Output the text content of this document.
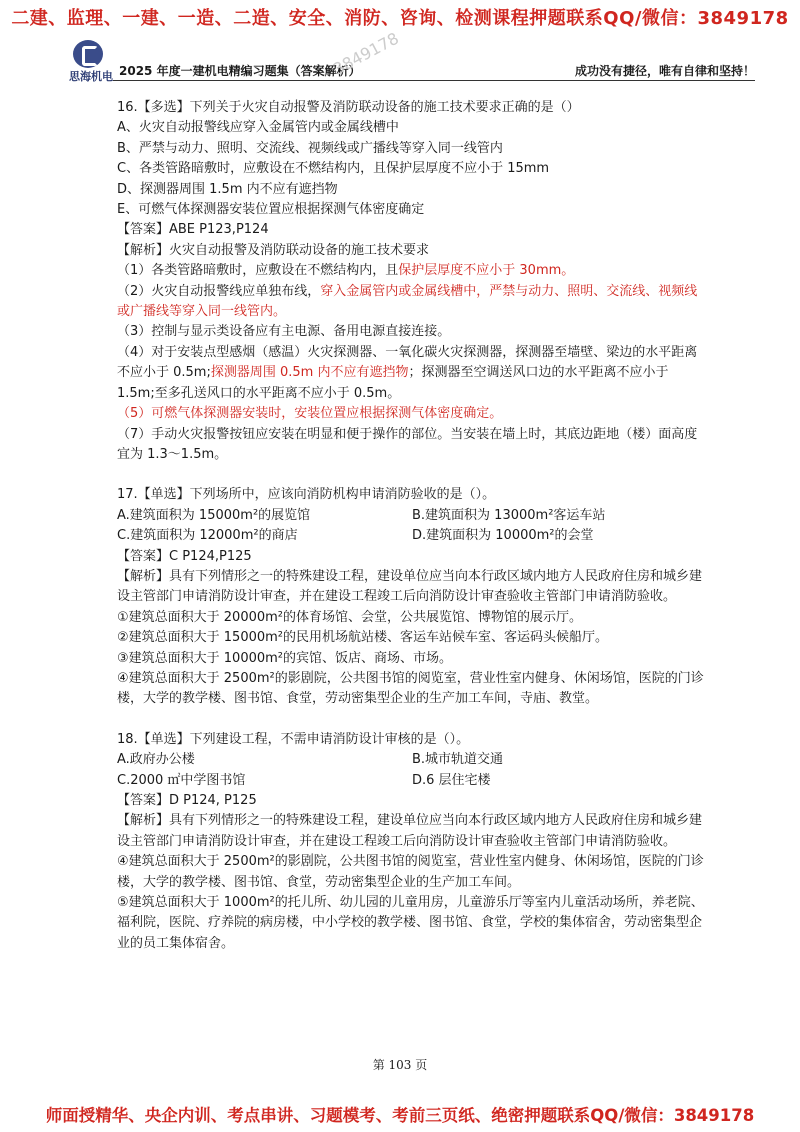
二建、监理、一建、一造、二造、安全、消防、咨询、检测课程押题联系QQ/微信：3849178
思海机电 2025 年度一建机电精编习题集（答案解析）	成功没有捷径，唯有自律和坚持！
3849178

16.【多选】下列关于火灾自动报警及消防联动设备的施工技术要求正确的是（）

A、火灾自动报警线应穿入金属管内或金属线槽中

B、严禁与动力、照明、交流线、视频线或广播线等穿入同一线管内

C、各类管路暗敷时，应敷设在不燃结构内，且保护层厚度不应小于 15mm

D、探测器周围 1.5m 内不应有遮挡物

E、可燃气体探测器安装位置应根据探测气体密度确定

【答案】ABE P123,P124

【解析】火灾自动报警及消防联动设备的施工技术要求

（1）各类管路暗敷时，应敷设在不燃结构内，且保护层厚度不应小于 30mm。

（2）火灾自动报警线应单独布线，穿入金属管内或金属线槽中，严禁与动力、照明、交流线、视频线或广播线等穿入同一线管内。

（3）控制与显示类设备应有主电源、备用电源直接连接。

（4）对于安装点型感烟（感温）火灾探测器、一氧化碳火灾探测器，探测器至墙壁、梁边的水平距离不应小于 0.5m;探测器周围 0.5m 内不应有遮挡物；探测器至空调送风口边的水平距离不应小于 1.5m;至多孔送风口的水平距离不应小于 0.5m。

（5）可燃气体探测器安装时，安装位置应根据探测气体密度确定。

（7）手动火灾报警按钮应安装在明显和便于操作的部位。当安装在墙上时，其底边距地（楼）面高度宜为 1.3～1.5m。

17.【单选】下列场所中，应该向消防机构申请消防验收的是（）。

A.建筑面积为 15000m²的展览馆	B.建筑面积为 13000m²客运车站

C.建筑面积为 12000m²的商店	D.建筑面积为 10000m²的会堂

【答案】C P124,P125

【解析】具有下列情形之一的特殊建设工程，建设单位应当向本行政区域内地方人民政府住房和城乡建设主管部门申请消防设计审查，并在建设工程竣工后向消防设计审查验收主管部门申请消防验收。

①建筑总面积大于 20000m²的体育场馆、会堂，公共展览馆、博物馆的展示厅。

②建筑总面积大于 15000m²的民用机场航站楼、客运车站候车室、客运码头候船厅。

③建筑总面积大于 10000m²的宾馆、饭店、商场、市场。

④建筑总面积大于 2500m²的影剧院，公共图书馆的阅览室，营业性室内健身、休闲场馆，医院的门诊楼，大学的教学楼、图书馆、食堂，劳动密集型企业的生产加工车间，寺庙、教堂。

18.【单选】下列建设工程，不需申请消防设计审核的是（）。

A.政府办公楼	B.城市轨道交通

C.2000 ㎡中学图书馆	D.6 层住宅楼

【答案】D P124, P125

【解析】具有下列情形之一的特殊建设工程，建设单位应当向本行政区域内地方人民政府住房和城乡建设主管部门申请消防设计审查，并在建设工程竣工后向消防设计审查验收主管部门申请消防验收。

④建筑总面积大于 2500m²的影剧院，公共图书馆的阅览室，营业性室内健身、休闲场馆，医院的门诊楼，大学的教学楼、图书馆、食堂，劳动密集型企业的生产加工车间。

⑤建筑总面积大于 1000m²的托儿所、幼儿园的儿童用房，儿童游乐厅等室内儿童活动场所，养老院、福利院，医院、疗养院的病房楼，中小学校的教学楼、图书馆、食堂，学校的集体宿舍，劳动密集型企业的员工集体宿舍。

第 103 页
师面授精华、央企内训、考点串讲、习题模考、考前三页纸、绝密押题联系QQ/微信：3849178
